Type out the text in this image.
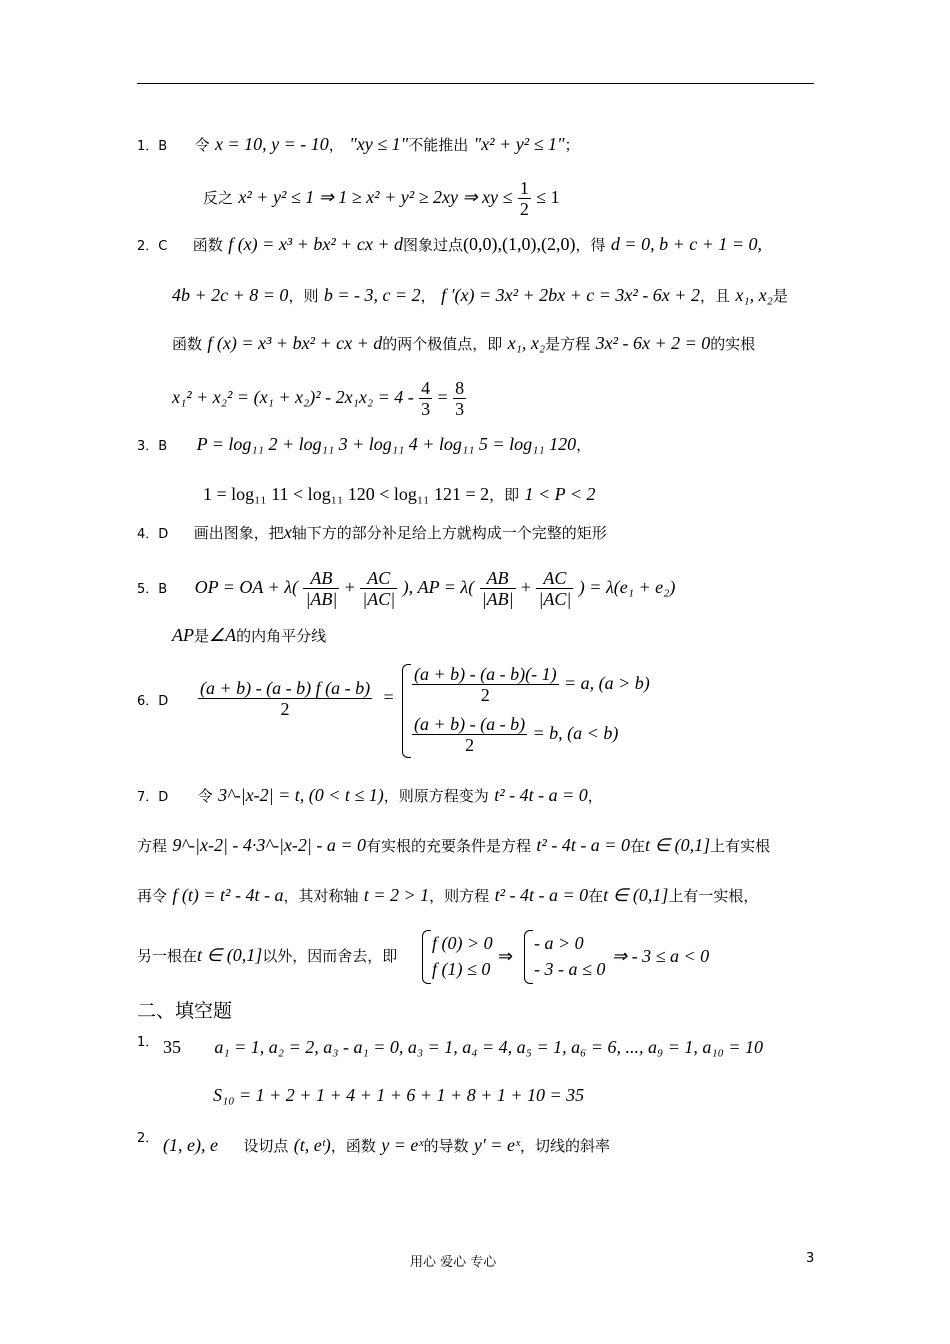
1．B 令 x = 10, y = - 10， "xy ≤ 1"不能推出 "x² + y² ≤ 1"；
反之 x² + y² ≤ 1 ⇒ 1 ≥ x² + y² ≥ 2xy ⇒ xy ≤ $\frac{1}{2} \le 1$
2．C 函数 f (x) = x³ + bx² + cx + d图象过点(0,0),(1,0),(2,0)，得 d = 0, b + c + 1 = 0,
4b + 2c + 8 = 0，则 b = - 3, c = 2， f ′(x) = 3x² + 2bx + c = 3x² - 6x + 2，且 x₁, x₂是
函数 f (x) = x³ + bx² + cx + d的两个极值点，即 x₁, x₂是方程 3x² - 6x + 2 = 0的实根
$x_1^2 + x_2^2 = (x_1 + x_2)^2 - 2x_1x_2 = 4 - \frac{4}{3} = \frac{8}{3}$
3．B P = log₁₁ 2 + log₁₁ 3 + log₁₁ 4 + log₁₁ 5 = log₁₁ 120，
1 = log₁₁ 11 < log₁₁ 120 < log₁₁ 121 = 2，即 1 < P < 2
4．D 画出图象，把x轴下方的部分补足给上方就构成一个完整的矩形
5．B OP = OA + $\lambda( \frac{AB}{|AB|} + \frac{AC}{|AC|}$ ), AP = $\lambda( \frac{AB}{|AB|} + \frac{AC}{|AC|}$ ) = λ(e₁ + e₂)
AP是∠A的内角平分线
6．D $\frac{(a + b) - (a - b) f (a - b)}{2} = \frac{(a + b) - (a - b)(- 1)}{2} = a$, (a > b)
$\frac{(a + b) - (a - b)}{2} = b$, (a < b)
7．D 令 3^-|x-2| = t, (0 < t ≤ 1)，则原方程变为 t² - 4t - a = 0，
方程 9^-|x-2| - 4·3^-|x-2| - a = 0有实根的充要条件是方程 t² - 4t - a = 0在t ∈ (0,1]上有实根
再令 f (t) = t² - 4t - a，其对称轴 t = 2 > 1，则方程 t² - 4t - a = 0在t ∈ (0,1]上有一实根，
另一根在t ∈ (0,1]以外，因而舍去，即
f (0) > 0
f (1) ≤ 0
⇒
- a > 0
- 3 - a ≤ 0
⇒ - 3 ≤ a < 0
二、填空题
1． 35 a₁ = 1, a₂ = 2, a₃ - a₁ = 0, a₃ = 1, a₄ = 4, a₅ = 1, a₆ = 6, ..., a₉ = 1, a₁₀ = 10
S₁₀ = 1 + 2 + 1 + 4 + 1 + 6 + 1 + 8 + 1 + 10 = 35
2． (1, e), e 设切点 (t, eᵗ)，函数 y = eˣ的导数 y′ = eˣ，切线的斜率
用心 爱心 专心	3
